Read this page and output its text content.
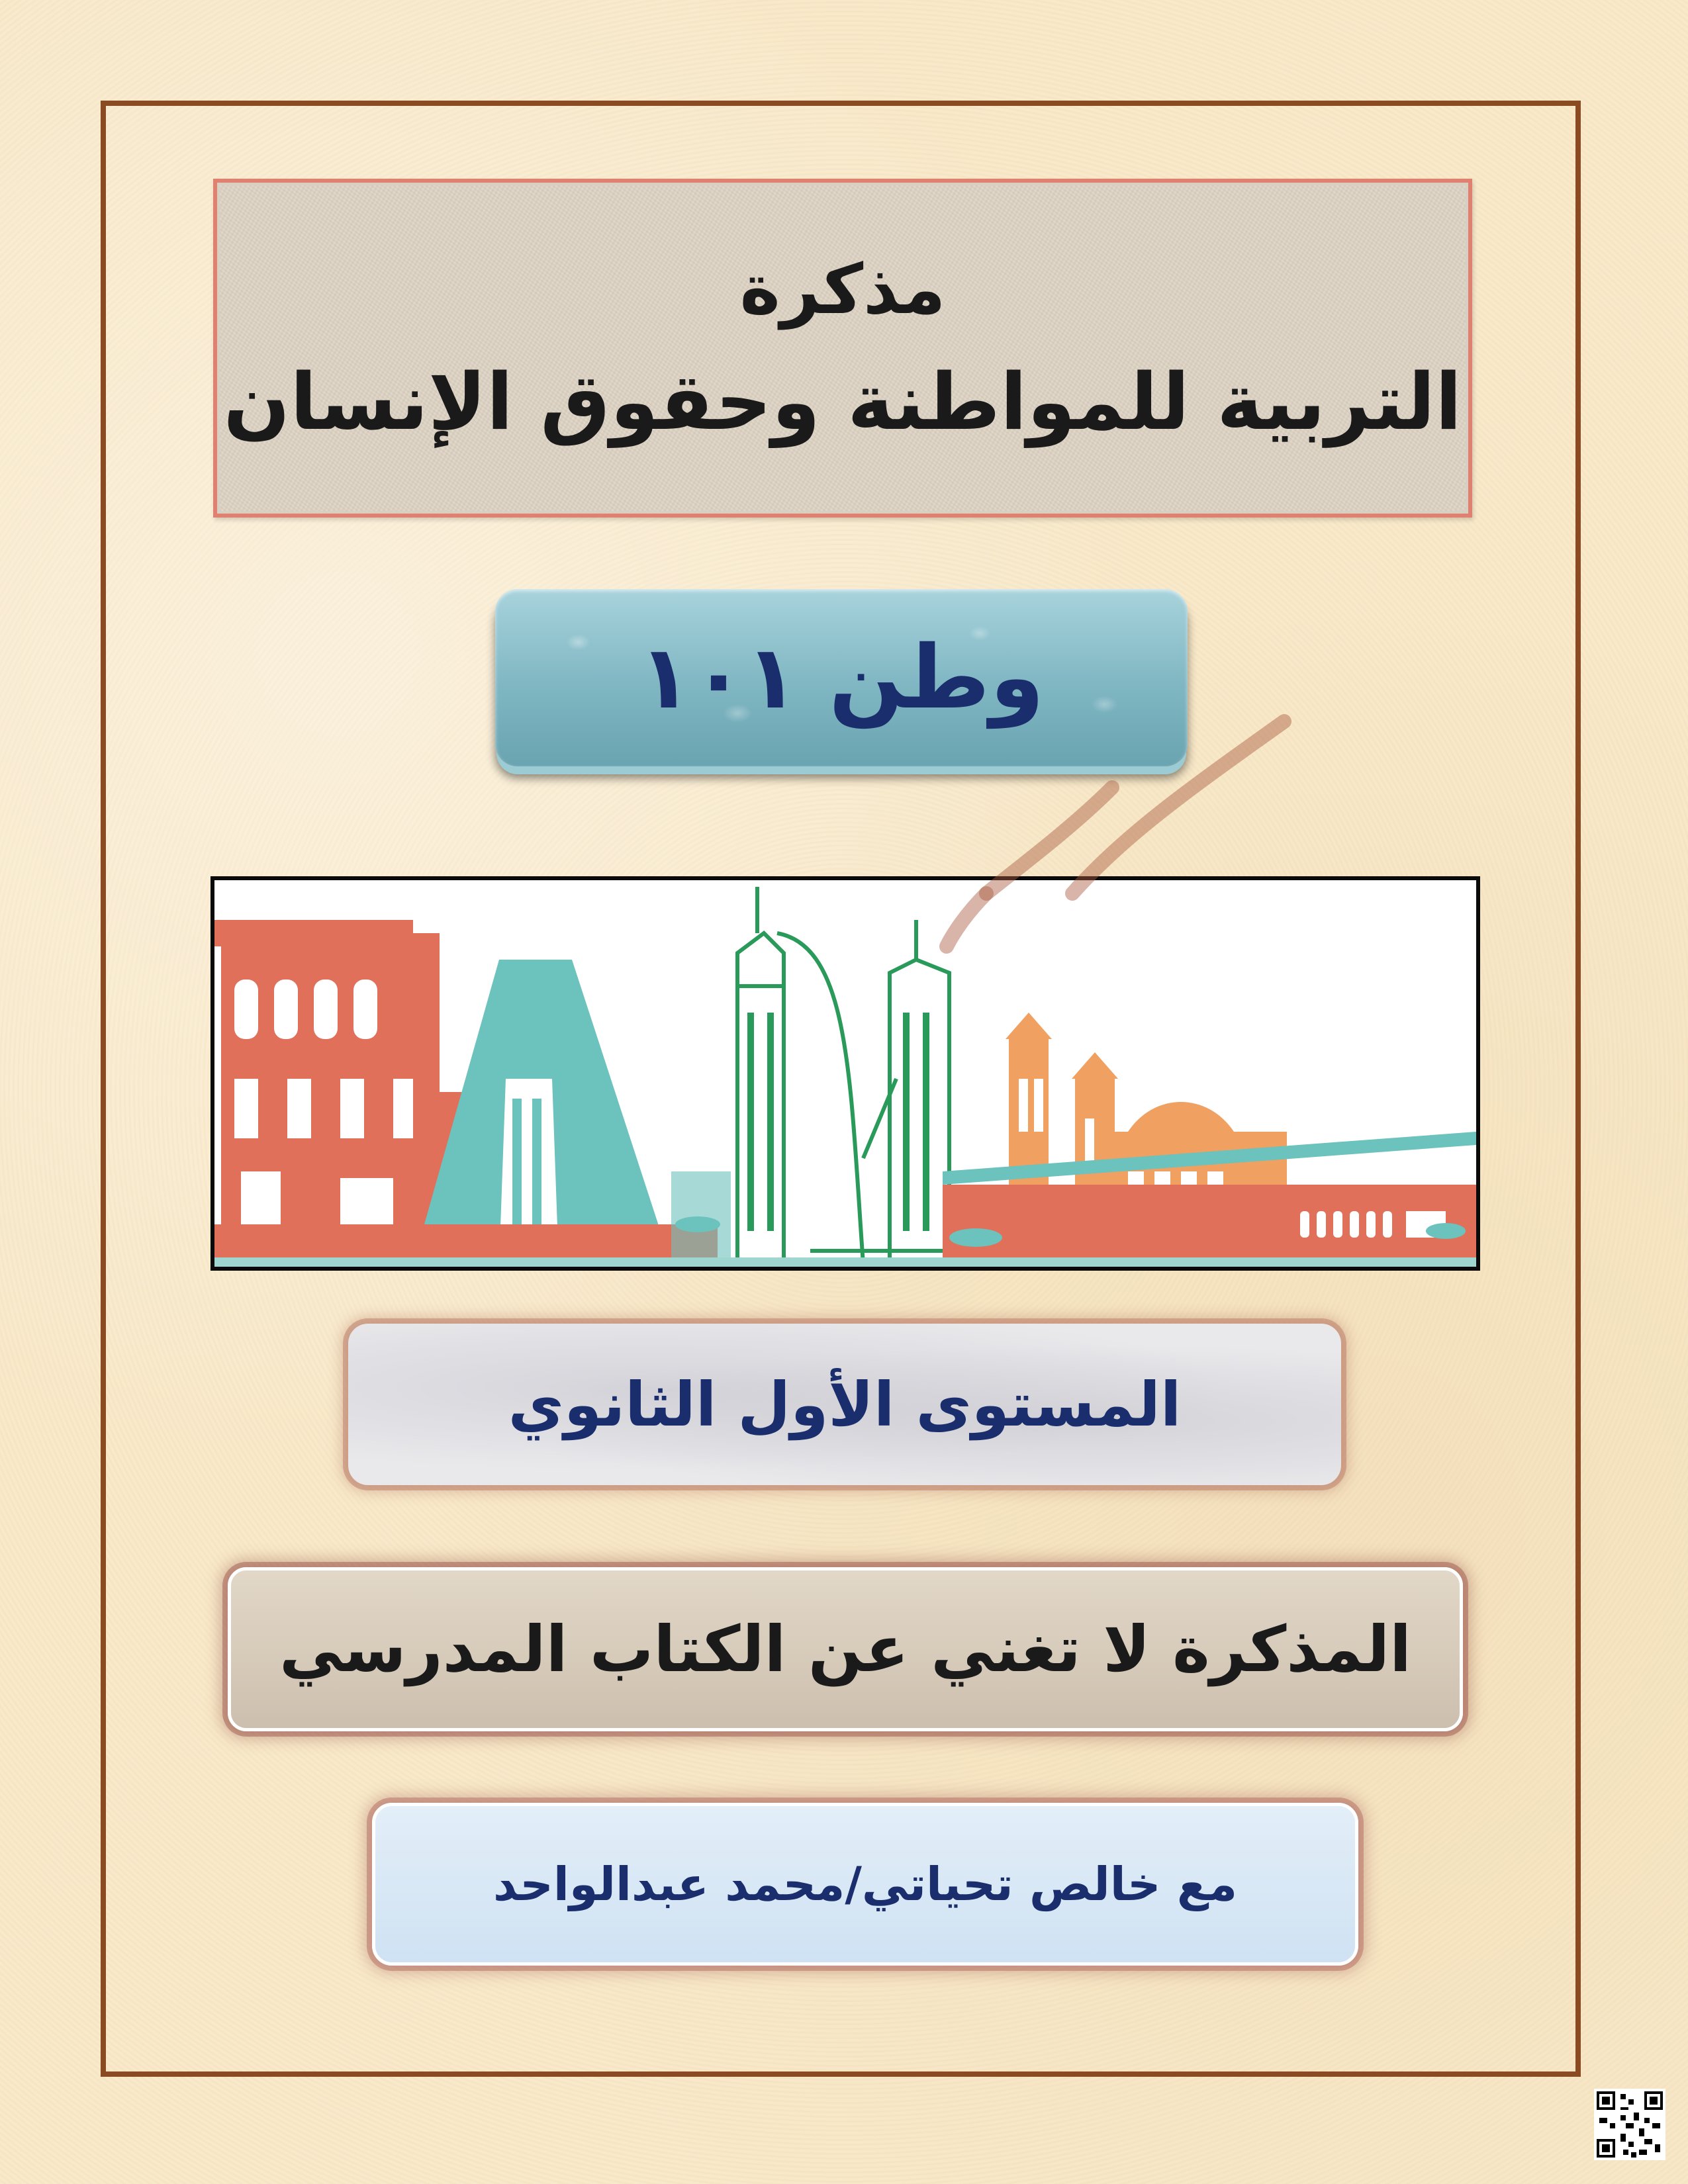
مذكرة
التربية للمواطنة وحقوق الإنسان
وطن ١٠١
المستوى الأول الثانوي
المذكرة لا تغني عن الكتاب المدرسي
مع خالص تحياتي/محمد عبدالواحد
